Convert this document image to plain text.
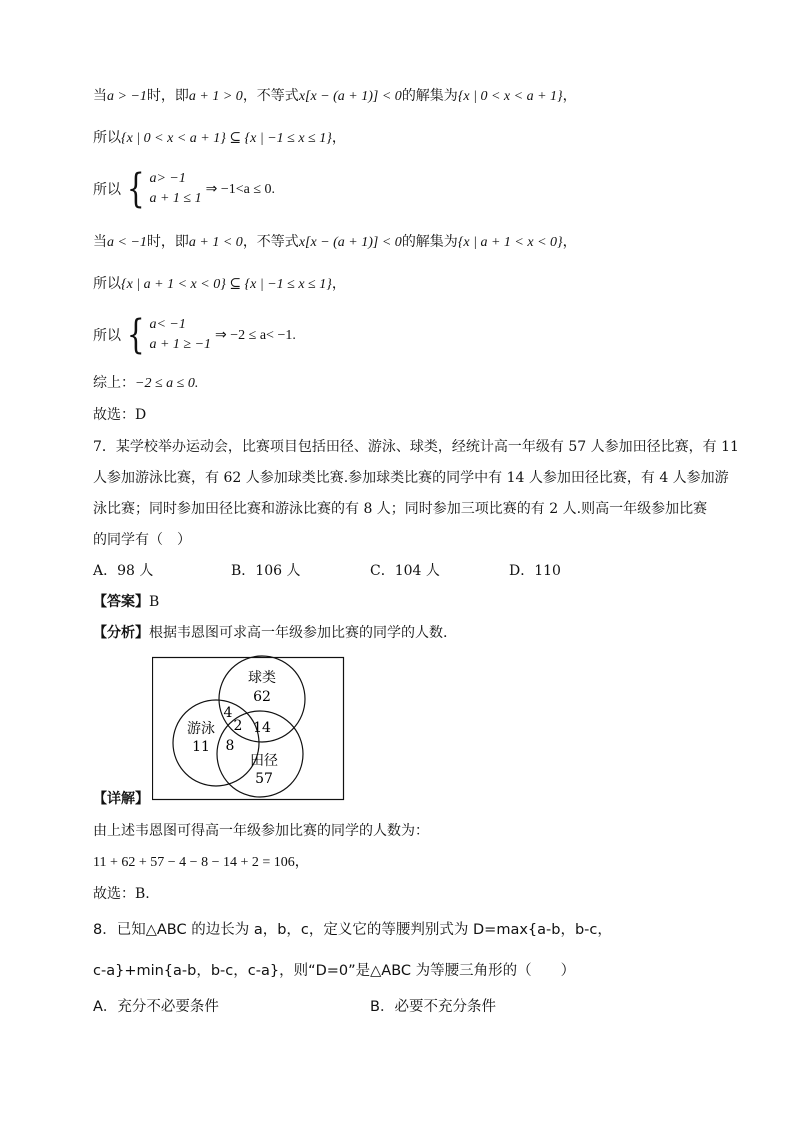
当a > −1时，即a + 1 > 0，不等式x[x − (a + 1)] < 0的解集为{x | 0 < x < a + 1}，
所以{x | 0 < x < a + 1} ⊆ {x | −1 ≤ x ≤ 1}，
所以 { a> −1
a + 1 ≤ 1
⇒ −1<a ≤ 0.
当a < −1时，即a + 1 < 0，不等式x[x − (a + 1)] < 0的解集为{x | a + 1 < x < 0}，
所以{x | a + 1 < x < 0} ⊆ {x | −1 ≤ x ≤ 1}，
所以 { a< −1
a + 1 ≥ −1
⇒ −2 ≤ a< −1.
综上：−2 ≤ a ≤ 0.
故选：D
7．某学校举办运动会，比赛项目包括田径、游泳、球类，经统计高一年级有 57 人参加田径比赛，有 11
人参加游泳比赛，有 62 人参加球类比赛.参加球类比赛的同学中有 14 人参加田径比赛，有 4 人参加游
泳比赛；同时参加田径比赛和游泳比赛的有 8 人；同时参加三项比赛的有 2 人.则高一年级参加比赛
的同学有（　）
A．98 人	B．106 人	C．104 人	D．110
【答案】B
【分析】根据韦恩图可求高一年级参加比赛的同学的人数.
球类
62
游泳
11
田径
57
4
2 14
8
【详解】
由上述韦恩图可得高一年级参加比赛的同学的人数为：
11 + 62 + 57 − 4 − 8 − 14 + 2 = 106，
故选：B.
8．已知△ABC 的边长为 a，b，c，定义它的等腰判别式为 D=max{a-b，b-c，
c-a}+min{a-b，b-c，c-a}，则“D=0”是△ABC 为等腰三角形的（　　）
A．充分不必要条件	B．必要不充分条件
